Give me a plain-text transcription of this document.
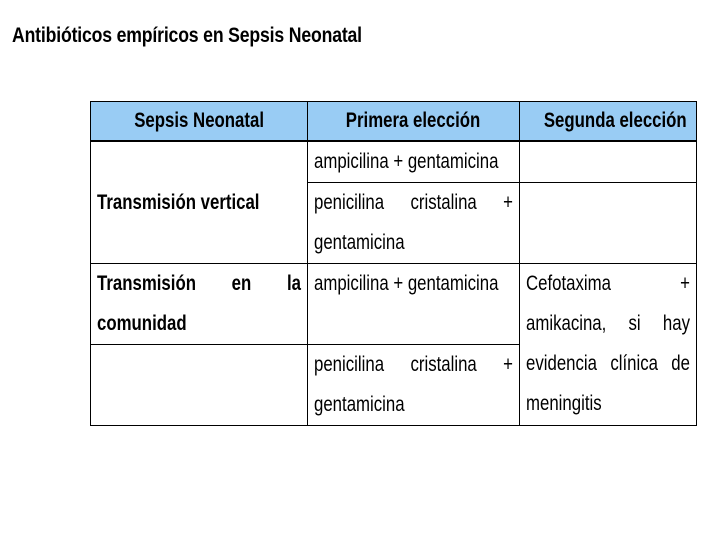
Antibióticos empíricos en Sepsis Neonatal
Sepsis Neonatal	Primera elección	Segunda elección
Transmisión vertical	ampicilina + gentamicina	

	penicilina cristalina + gentamicina	

Transmisión en la comunidad	ampicilina + gentamicina	Cefotaxima + amikacina, si hay evidencia clínica de meningitis

	penicilina cristalina + gentamicina	
